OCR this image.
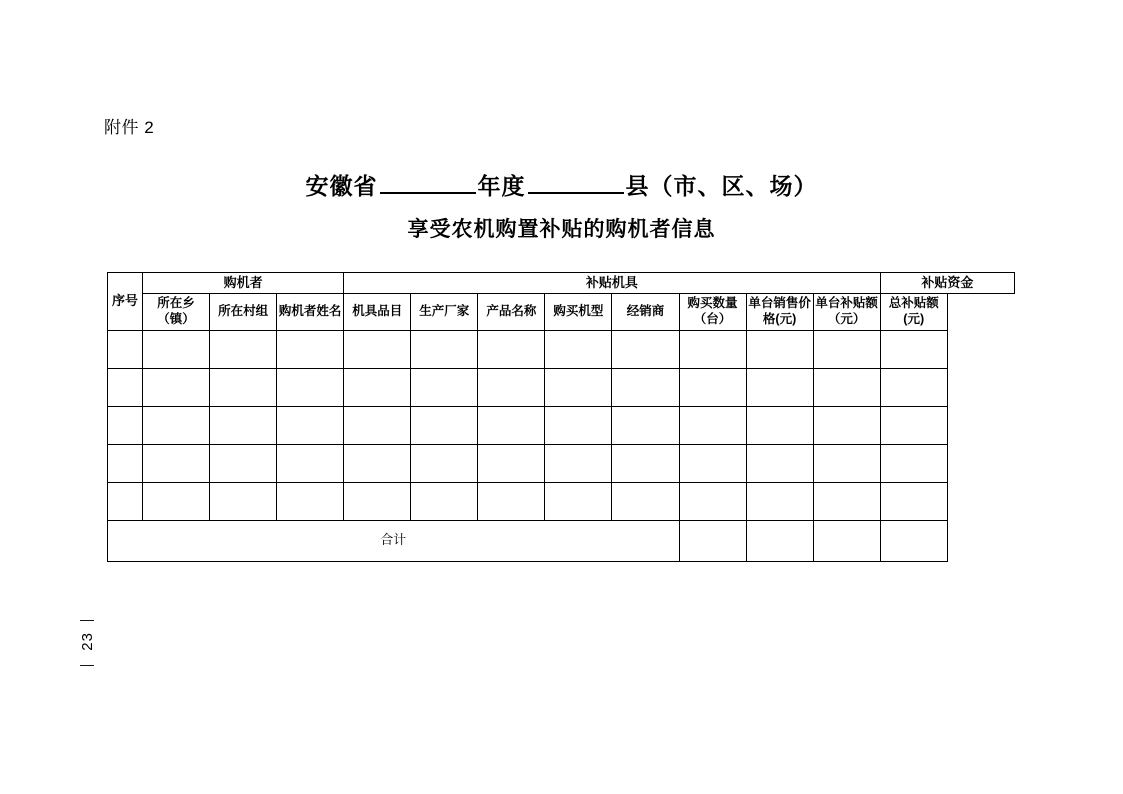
附件 2
安徽省	年度	县（市、区、场）
享受农机购置补贴的购机者信息
序号	购机者			补贴机具								补贴资金
	所在乡（镇）	所在村组	购机者姓名	机具品目	生产厂家	产品名称	购买机型	经销商	购买数量（台）	单台销售价格(元)	单台补贴额（元）	总补贴额(元)

合计												
—
23
—
